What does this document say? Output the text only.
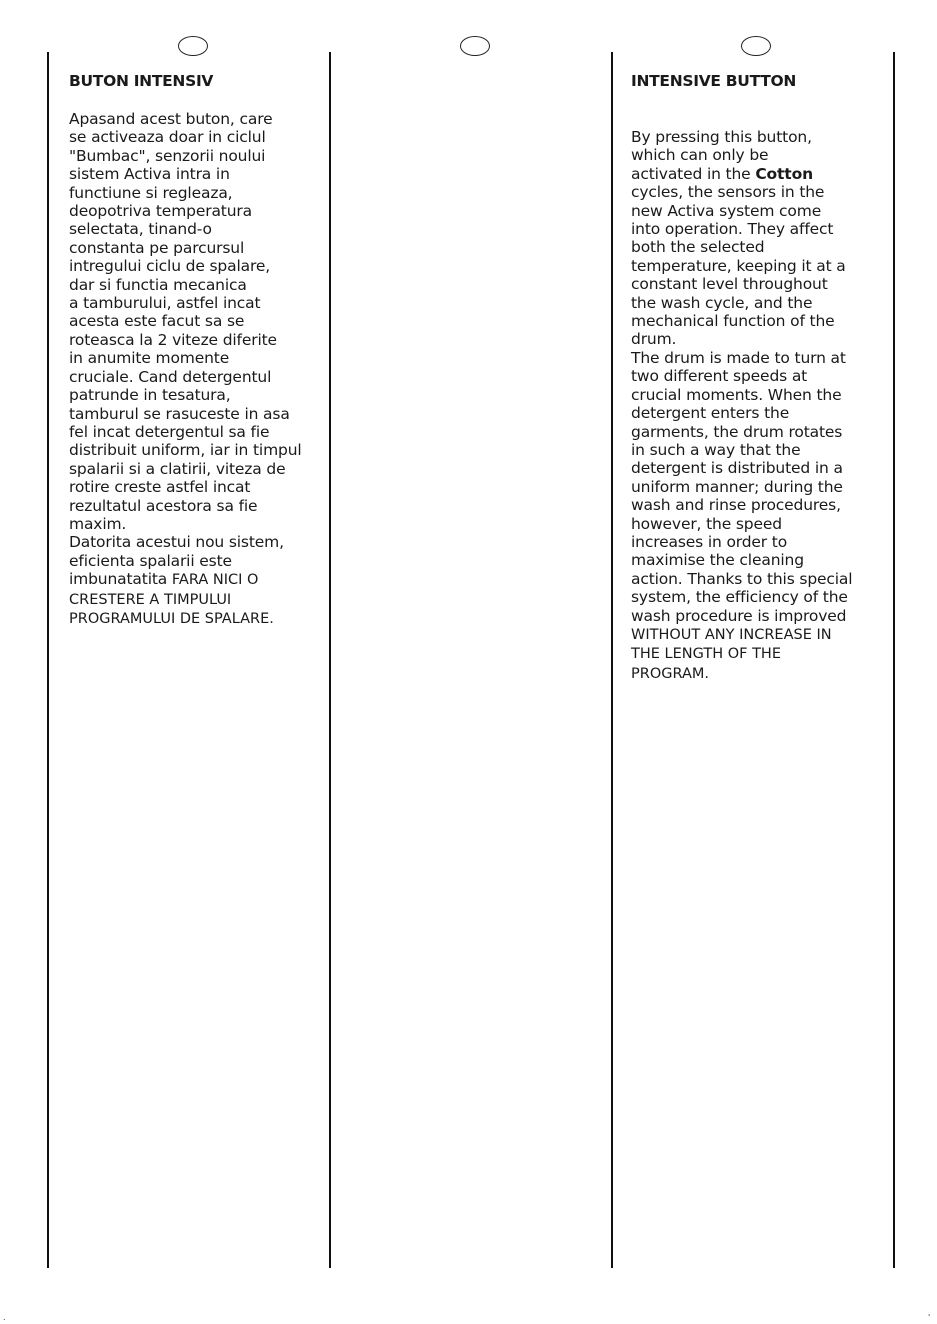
BUTON INTENSIV

Apasand acest buton, care
se activeaza doar in ciclul
"Bumbac", senzorii noului
sistem Activa intra in
functiune si regleaza,
deopotriva temperatura
selectata, tinand-o
constanta pe parcursul
intregului ciclu de spalare,
dar si functia mecanica
a tamburului, astfel incat
acesta este facut sa se
roteasca la 2 viteze diferite
in anumite momente
cruciale. Cand detergentul
patrunde in tesatura,
tamburul se rasuceste in asa
fel incat detergentul sa fie
distribuit uniform, iar in timpul
spalarii si a clatirii, viteza de
rotire creste astfel incat
rezultatul acestora sa fie
maxim.

Datorita acestui nou sistem,
eficienta spalarii este
imbunatatita FARA NICI O
CRESTERE A TIMPULUI
PROGRAMULUI DE SPALARE.

INTENSIVE BUTTON

By pressing this button,
which can only be
activated in the Cotton
cycles, the sensors in the
new Activa system come
into operation. They affect
both the selected
temperature, keeping it at a
constant level throughout
the wash cycle, and the
mechanical function of the
drum.

The drum is made to turn at
two different speeds at
crucial moments. When the
detergent enters the
garments, the drum rotates
in such a way that the
detergent is distributed in a
uniform manner; during the
wash and rinse procedures,
however, the speed
increases in order to
maximise the cleaning
action. Thanks to this special
system, the efficiency of the
wash procedure is improved
WITHOUT ANY INCREASE IN
THE LENGTH OF THE
PROGRAM.

.	'
